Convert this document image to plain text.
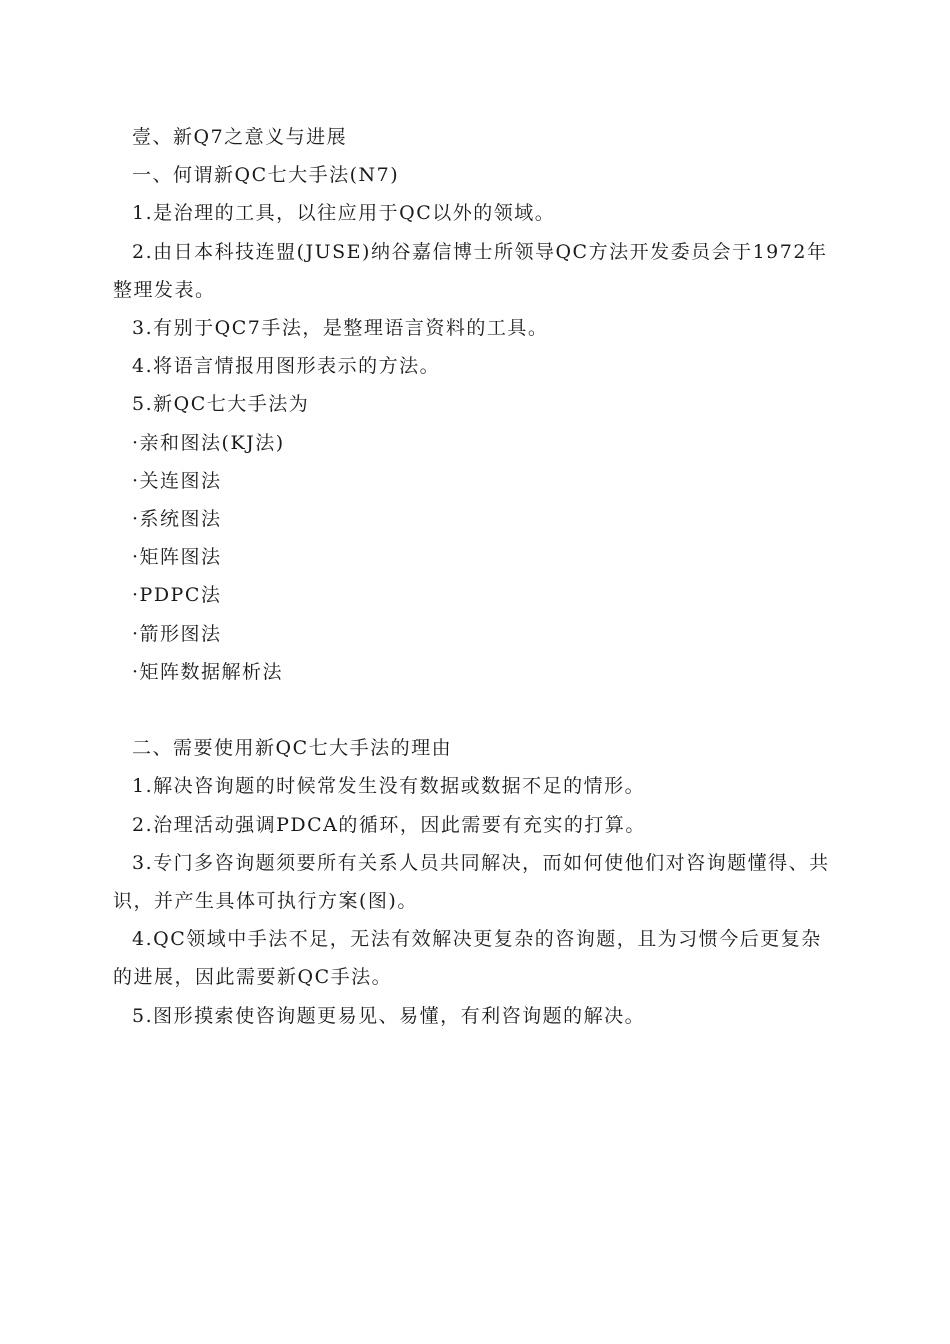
壹、新Q7之意义与进展

一、何谓新QC七大手法(N7)

1.是治理的工具，以往应用于QC以外的领域。

2.由日本科技连盟(JUSE)纳谷嘉信博士所领导QC方法开发委员会于1972年整理发表。

3.有别于QC7手法，是整理语言资料的工具。

4.将语言情报用图形表示的方法。

5.新QC七大手法为

·亲和图法(KJ法)

·关连图法

·系统图法

·矩阵图法

·PDPC法

·箭形图法

·矩阵数据解析法

二、需要使用新QC七大手法的理由

1.解决咨询题的时候常发生没有数据或数据不足的情形。

2.治理活动强调PDCA的循环，因此需要有充实的打算。

3.专门多咨询题须要所有关系人员共同解决，而如何使他们对咨询题懂得、共识，并产生具体可执行方案(图)。

4.QC领域中手法不足，无法有效解决更复杂的咨询题，且为习惯今后更复杂的进展，因此需要新QC手法。

5.图形摸索使咨询题更易见、易懂，有利咨询题的解决。
